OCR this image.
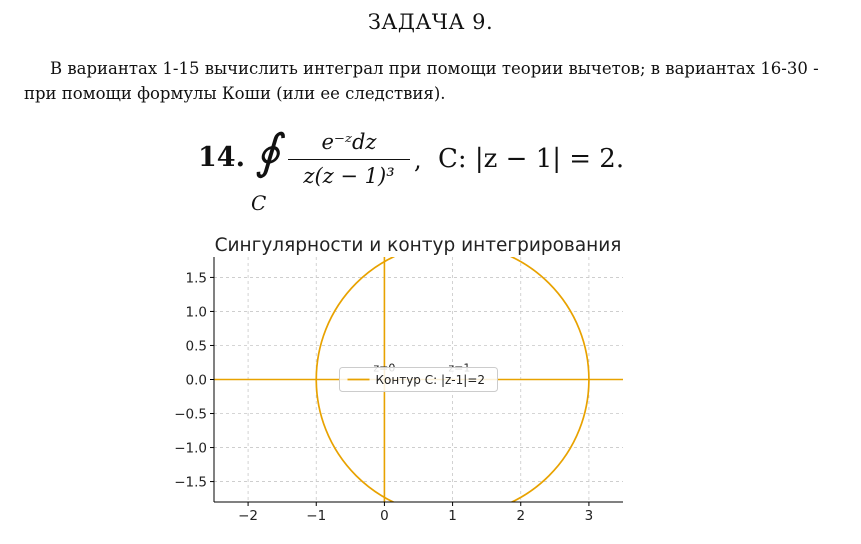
ЗАДАЧА 9.
В вариантах 1-15 вычислить интеграл при помощи теории вычетов; в вариантах 16-30 - при помощи формулы Коши (или ее следствия).
14. ∮
C
e⁻ᶻdz
z(z − 1)³
, C: |z − 1| = 2.
Сингулярности и контур интегрирования
−2	−1	0	1	2	3
1.5
1.0
0.5
0.0
−0.5
−1.0
−1.5
Контур C: |z-1|=2
